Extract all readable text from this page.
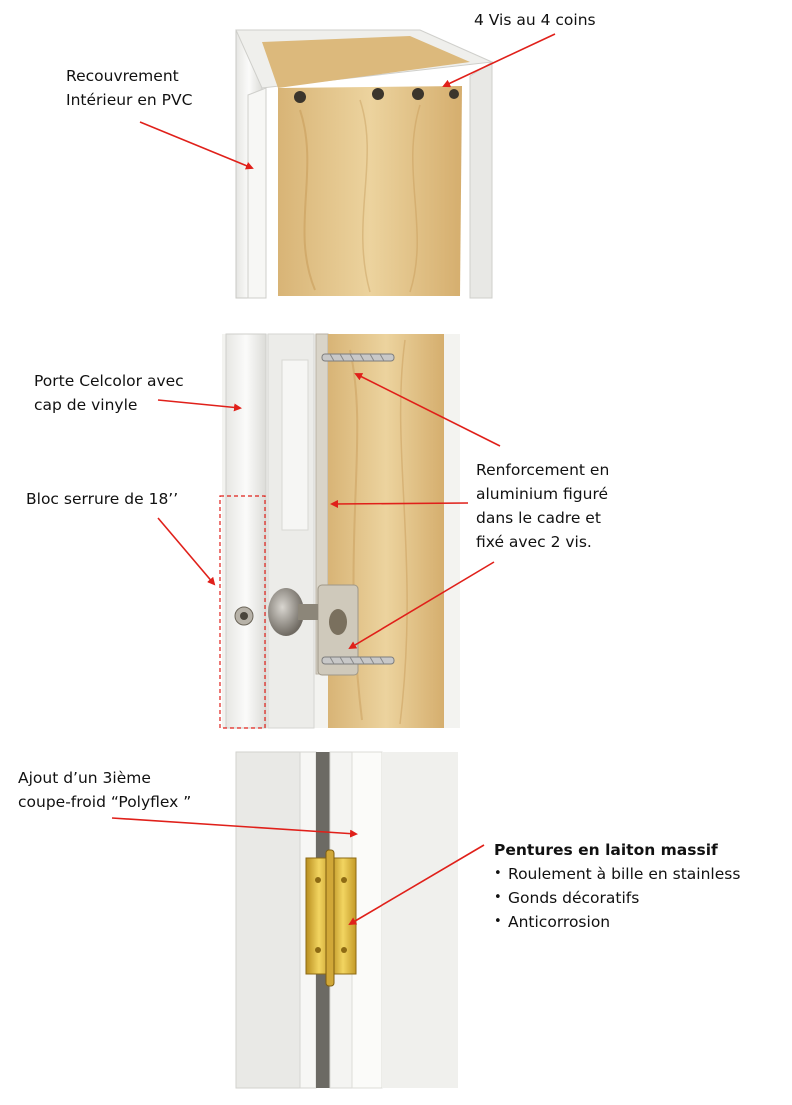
4 Vis au 4 coins
Recouvrement
Intérieur en PVC
Porte Celcolor avec
cap de vinyle
Bloc serrure de 18’’
Renforcement en
aluminium figuré
dans le cadre et
fixé avec 2 vis.
Ajout d’un 3ième
coupe-froid “Polyflex ”
Pentures en laiton massif
• Roulement à bille en stainless
• Gonds décoratifs
• Anticorrosion
